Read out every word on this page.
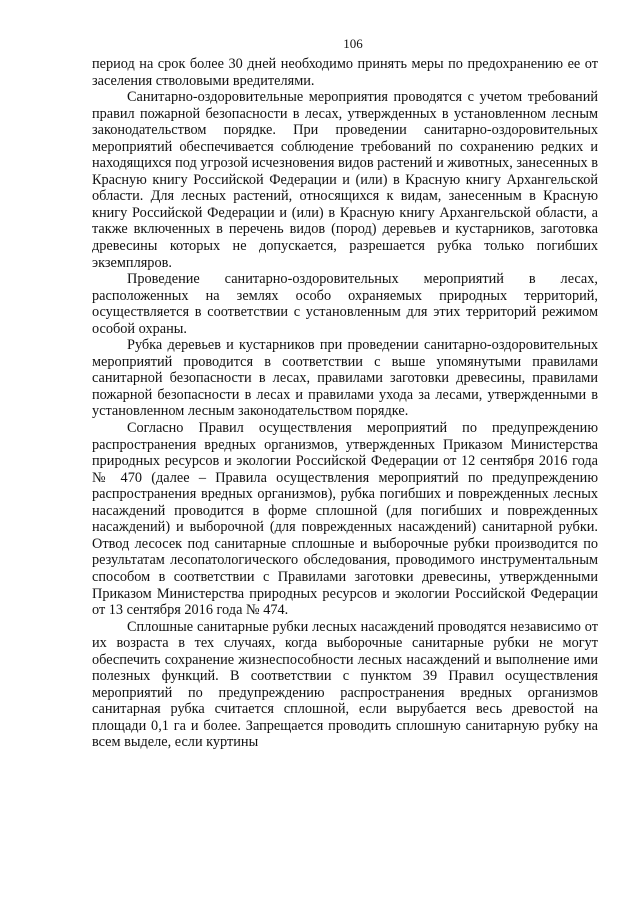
106

период на срок более 30 дней необходимо принять меры по предохранению ее от заселения стволовыми вредителями.

Санитарно-оздоровительные мероприятия проводятся с учетом требований правил пожарной безопасности в лесах, утвержденных в установленном лесным законодательством порядке. При проведении санитарно-оздоровительных мероприятий обеспечивается соблюдение требований по сохранению редких и находящихся под угрозой исчезновения видов растений и животных, занесенных в Красную книгу Российской Федерации и (или) в Красную книгу Архангельской области. Для лесных растений, относящихся к видам, занесенным в Красную книгу Российской Федерации и (или) в Красную книгу Архангельской области, а также включенных в перечень видов (пород) деревьев и кустарников, заготовка древесины которых не допускается, разрешается рубка только погибших экземпляров.

Проведение санитарно-оздоровительных мероприятий в лесах, расположенных на землях особо охраняемых природных территорий, осуществляется в соответствии с установленным для этих территорий режимом особой охраны.

Рубка деревьев и кустарников при проведении санитарно-оздоровительных мероприятий проводится в соответствии с выше упомянутыми правилами санитарной безопасности в лесах, правилами заготовки древесины, правилами пожарной безопасности в лесах и правилами ухода за лесами, утвержденными в установленном лесным законодательством порядке.

Согласно Правил осуществления мероприятий по предупреждению распространения вредных организмов, утвержденных Приказом Министерства природных ресурсов и экологии Российской Федерации от 12 сентября 2016 года № 470 (далее – Правила осуществления мероприятий по предупреждению распространения вредных организмов), рубка погибших и поврежденных лесных насаждений проводится в форме сплошной (для погибших и поврежденных насаждений) и выборочной (для поврежденных насаждений) санитарной рубки. Отвод лесосек под санитарные сплошные и выборочные рубки производится по результатам лесопатологического обследования, проводимого инструментальным способом в соответствии с Правилами заготовки древесины, утвержденными Приказом Министерства природных ресурсов и экологии Российской Федерации от 13 сентября 2016 года № 474.

Сплошные санитарные рубки лесных насаждений проводятся независимо от их возраста в тех случаях, когда выборочные санитарные рубки не могут обеспечить сохранение жизнеспособности лесных насаждений и выполнение ими полезных функций. В соответствии с пунктом 39 Правил осуществления мероприятий по предупреждению распространения вредных организмов санитарная рубка считается сплошной, если вырубается весь древостой на площади 0,1 га и более. Запрещается проводить сплошную санитарную рубку на всем выделе, если куртины
